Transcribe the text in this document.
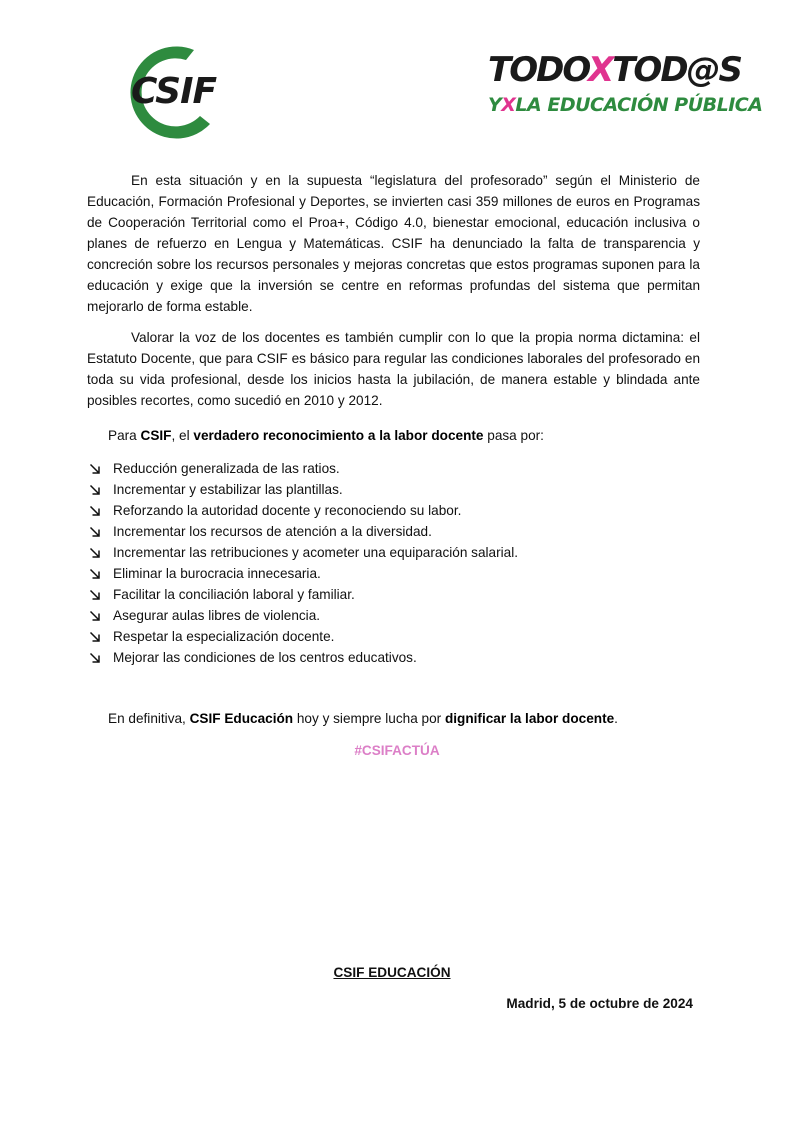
CSIF
TODOXTOD@S
YXLA EDUCACIÓN PÚBLICA

En esta situación y en la supuesta “legislatura del profesorado” según el Ministerio de Educación, Formación Profesional y Deportes, se invierten casi 359 millones de euros en Programas de Cooperación Territorial como el Proa+, Código 4.0, bienestar emocional, educación inclusiva o planes de refuerzo en Lengua y Matemáticas. CSIF ha denunciado la falta de transparencia y concreción sobre los recursos personales y mejoras concretas que estos programas suponen para la educación y exige que la inversión se centre en reformas profundas del sistema que permitan mejorarlo de forma estable.

Valorar la voz de los docentes es también cumplir con lo que la propia norma dictamina: el Estatuto Docente, que para CSIF es básico para regular las condiciones laborales del profesorado en toda su vida profesional, desde los inicios hasta la jubilación, de manera estable y blindada ante posibles recortes, como sucedió en 2010 y 2012.

Para CSIF, el verdadero reconocimiento a la labor docente pasa por:

Reducción generalizada de las ratios.
Incrementar y estabilizar las plantillas.
Reforzando la autoridad docente y reconociendo su labor.
Incrementar los recursos de atención a la diversidad.
Incrementar las retribuciones y acometer una equiparación salarial.
Eliminar la burocracia innecesaria.
Facilitar la conciliación laboral y familiar.
Asegurar aulas libres de violencia.
Respetar la especialización docente.
Mejorar las condiciones de los centros educativos.

En definitiva, CSIF Educación hoy y siempre lucha por dignificar la labor docente.

#CSIFACTÚA
CSIF EDUCACIÓN
Madrid, 5 de octubre de 2024
